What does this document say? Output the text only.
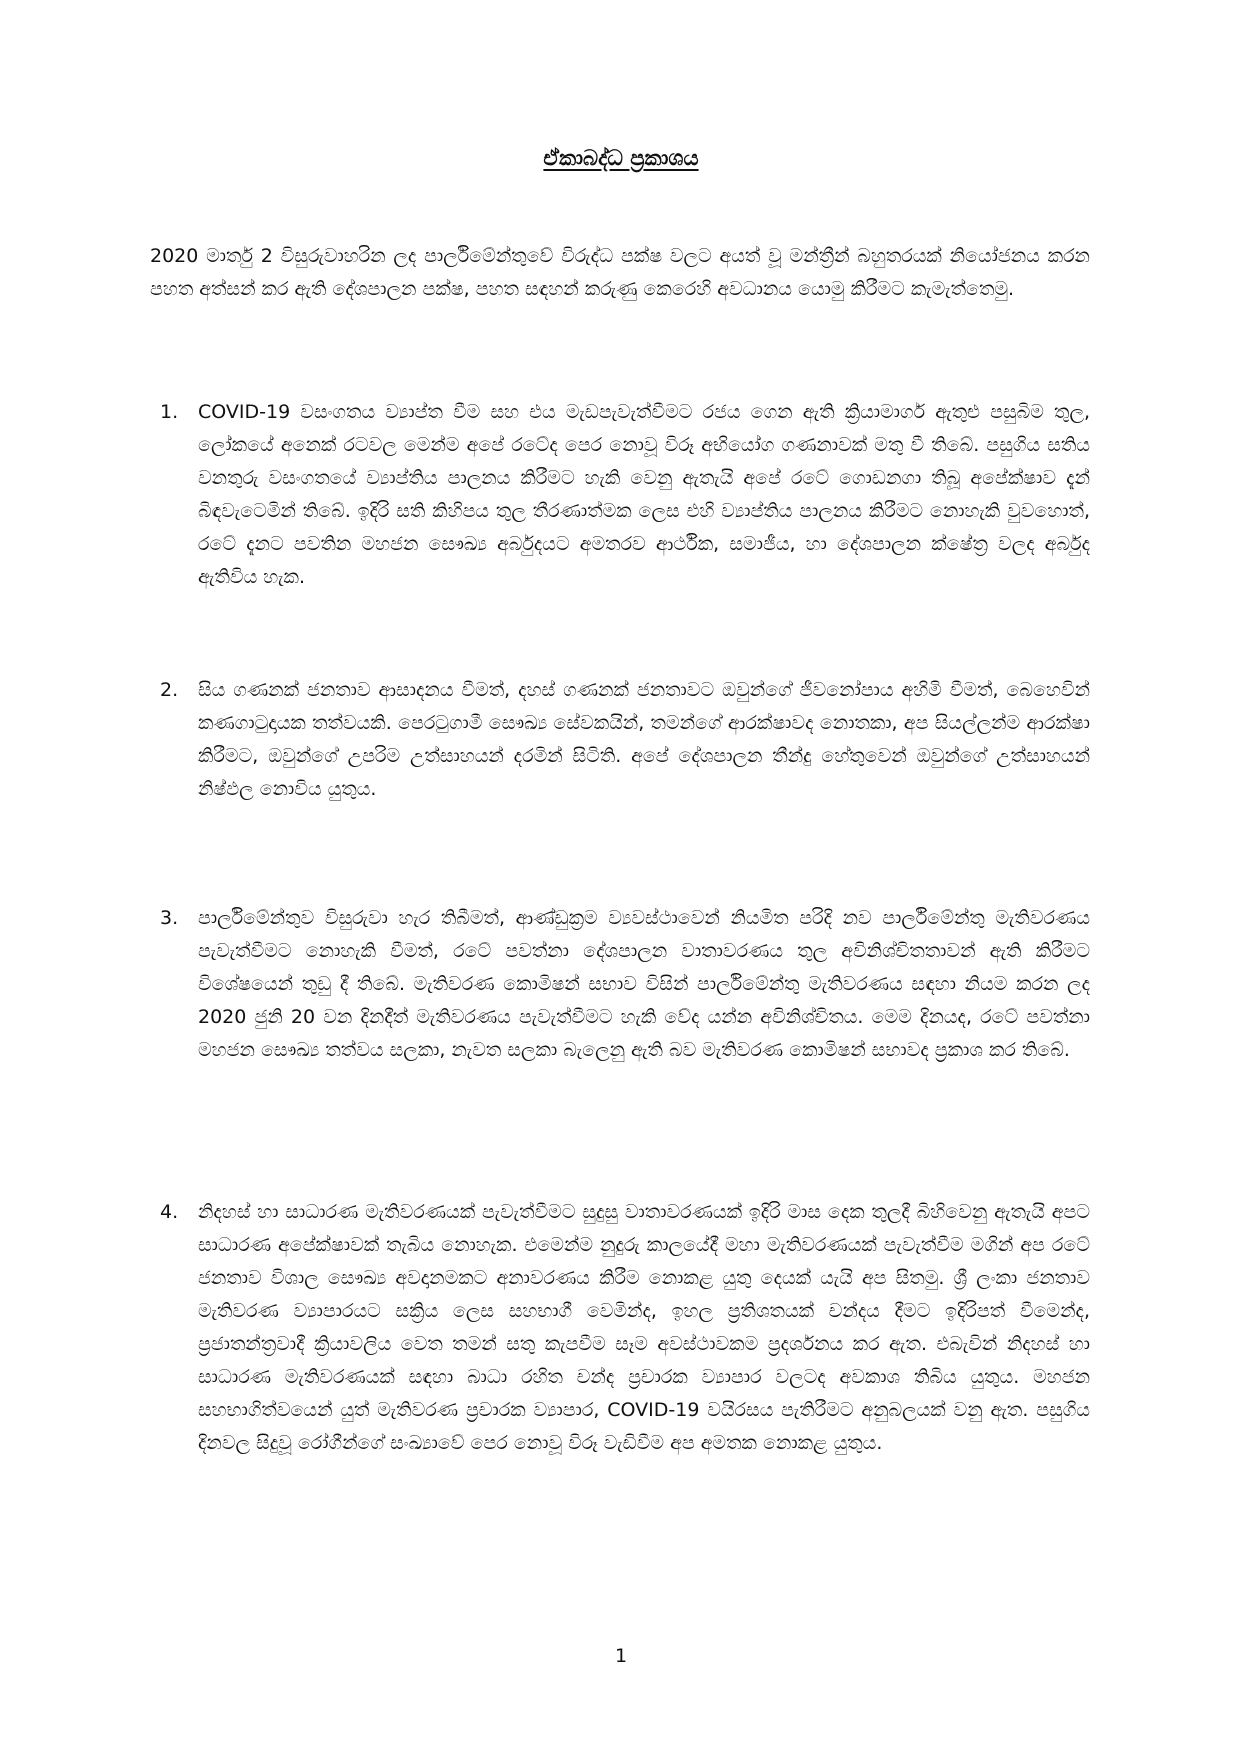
ඒකාබද්ධ ප්‍රකාශය
2020 මාර්තු 2 විසුරුවාහරින ලද පාර්ලිමේන්තුවේ විරුද්ධ පක්ෂ වලට අයත් වූ මන්ත්‍රීන් බහුතරයක් නියෝජනය කරන පහත අත්සන් කර ඇති දේශපාලන පක්ෂ, පහත සඳහන් කරුණු කෙරෙහි අවධානය යොමු කිරීමට කැමැත්තෙමු.
1.	COVID-19 වසංගතය ව්‍යාප්ත වීම සහ එය මැඩපැවැත්වීමට රජය ගෙන ඇති ක්‍රියාමාර්ග ඇතුළු පසුබිම තුල, ලෝකයේ අනෙක් රටවල මෙන්ම අපේ රටේද පෙර නොවූ විරූ අභියෝග ගණනාවක් මතු වී තිබේ. පසුගිය සතිය වනතුරු වසංගතයේ ව්‍යාප්තිය පාලනය කිරීමට හැකි වෙනු ඇතැයි අපේ රටේ ගොඩනගා තිබූ අපේක්ෂාව දැන් බිඳවැටෙමින් තිබේ. ඉදිරි සති කිහිපය තුල තීරණාත්මක ලෙස එහි ව්‍යාප්තිය පාලනය කිරීමට නොහැකි වුවහොත්, රටේ දැනට පවතින මහජන සෞඛ්‍ය අර්බුදයට අමතරව ආර්ථික, සමාජීය, හා දේශපාලන ක්ෂේත්‍ර වලද අර්බුද ඇතිවිය හැක.
2.	සිය ගණනක් ජනතාව ආසාදනය වීමත්, දහස් ගණනක් ජනතාවට ඔවුන්ගේ ජීවනෝපාය අහිමි වීමත්, බෙහෙවින් කණගාටුදායක තත්වයකි. පෙරටුගාමී සෞඛ්‍ය සේවකයින්, තමන්ගේ ආරක්ෂාවද නොතකා, අප සියල්ලන්ම ආරක්ෂා කිරීමට, ඔවුන්ගේ උපරිම උත්සාහයන් දරමින් සිටිති. අපේ දේශපාලන තීන්දු හේතුවෙන් ඔවුන්ගේ උත්සාහයන් නිෂ්ඵල නොවිය යුතුය.
3.	පාර්ලිමේන්තුව විසුරුවා හැර තිබීමත්, ආණ්ඩුක්‍රම ව්‍යවස්ථාවෙන් නියමිත පරිදි නව පාර්ලිමේන්තු මැතිවරණය පැවැත්වීමට නොහැකි වීමත්, රටේ පවත්නා දේශපාලන වාතාවරණය තුල අවිනිශ්චිතතාවන් ඇති කිරීමට විශේෂයෙන් තුඩු දී තිබේ. මැතිවරණ කොමිෂන් සභාව විසින් පාර්ලිමේන්තු මැතිවරණය සඳහා නියම කරන ලද 2020 ජුනි 20 වන දිනදීත් මැතිවරණය පැවැත්වීමට හැකි වේද යන්න අවිනිශ්චිතය. මෙම දිනයද, රටේ පවත්නා මහජන සෞඛ්‍ය තත්වය සලකා, නැවත සලකා බැලෙනු ඇති බව මැතිවරණ කොමිෂන් සභාවද ප්‍රකාශ කර තිබේ.
4.	නිදහස් හා සාධාරණ මැතිවරණයක් පැවැත්වීමට සුදුසු වාතාවරණයක් ඉදිරි මාස දෙක තුලදී බිහිවෙනු ඇතැයි අපට සාධාරණ අපේක්ෂාවක් තැබිය නොහැක. එමෙන්ම නුදුරු කාලයේදී මහා මැතිවරණයක් පැවැත්වීම මගින් අප රටේ ජනතාව විශාල සෞඛ්‍ය අවදානමකට අනාවරණය කිරීම නොකළ යුතු දෙයක් යැයි අප සිතමු. ශ්‍රී ලංකා ජනතාව මැතිවරණ ව්‍යාපාරයට සක්‍රිය ලෙස සහභාගී වෙමින්ද, ඉහල ප්‍රතිශතයක් චන්දය දීමට ඉදිරිපත් වීමෙන්ද, ප්‍රජාතන්ත්‍රවාදී ක්‍රියාවලිය වෙත තමන් සතු කැපවීම සෑම අවස්ථාවකම ප්‍රදර්ශනය කර ඇත. එබැවින් නිදහස් හා සාධාරණ මැතිවරණයක් සඳහා බාධා රහිත චන්ද ප්‍රචාරක ව්‍යාපාර වලටද අවකාශ තිබිය යුතුය. මහජන සහභාගිත්වයෙන් යුත් මැතිවරණ ප්‍රචාරක ව්‍යාපාර, COVID-19 වයිරසය පැතිරීමට අනුබලයක් වනු ඇත. පසුගිය දිනවල සිදුවූ රෝගීන්ගේ සංඛ්‍යාවේ පෙර නොවූ විරූ වැඩිවීම අප අමතක නොකළ යුතුය.
1
